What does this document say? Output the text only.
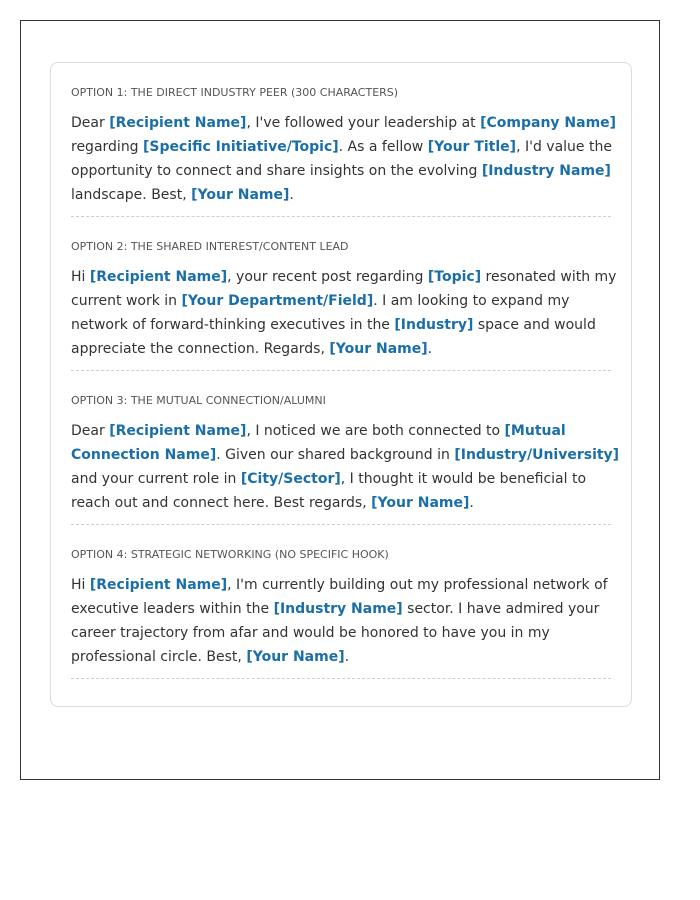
OPTION 1: THE DIRECT INDUSTRY PEER (300 CHARACTERS)

Dear [Recipient Name], I've followed your leadership at [Company Name]
regarding [Specific Initiative/Topic]. As a fellow [Your Title], I'd value the
opportunity to connect and share insights on the evolving [Industry Name]
landscape. Best, [Your Name].

OPTION 2: THE SHARED INTEREST/CONTENT LEAD

Hi [Recipient Name], your recent post regarding [Topic] resonated with my
current work in [Your Department/Field]. I am looking to expand my
network of forward-thinking executives in the [Industry] space and would
appreciate the connection. Regards, [Your Name].

OPTION 3: THE MUTUAL CONNECTION/ALUMNI

Dear [Recipient Name], I noticed we are both connected to [Mutual
Connection Name]. Given our shared background in [Industry/University]
and your current role in [City/Sector], I thought it would be beneficial to
reach out and connect here. Best regards, [Your Name].

OPTION 4: STRATEGIC NETWORKING (NO SPECIFIC HOOK)

Hi [Recipient Name], I'm currently building out my professional network of
executive leaders within the [Industry Name] sector. I have admired your
career trajectory from afar and would be honored to have you in my
professional circle. Best, [Your Name].
